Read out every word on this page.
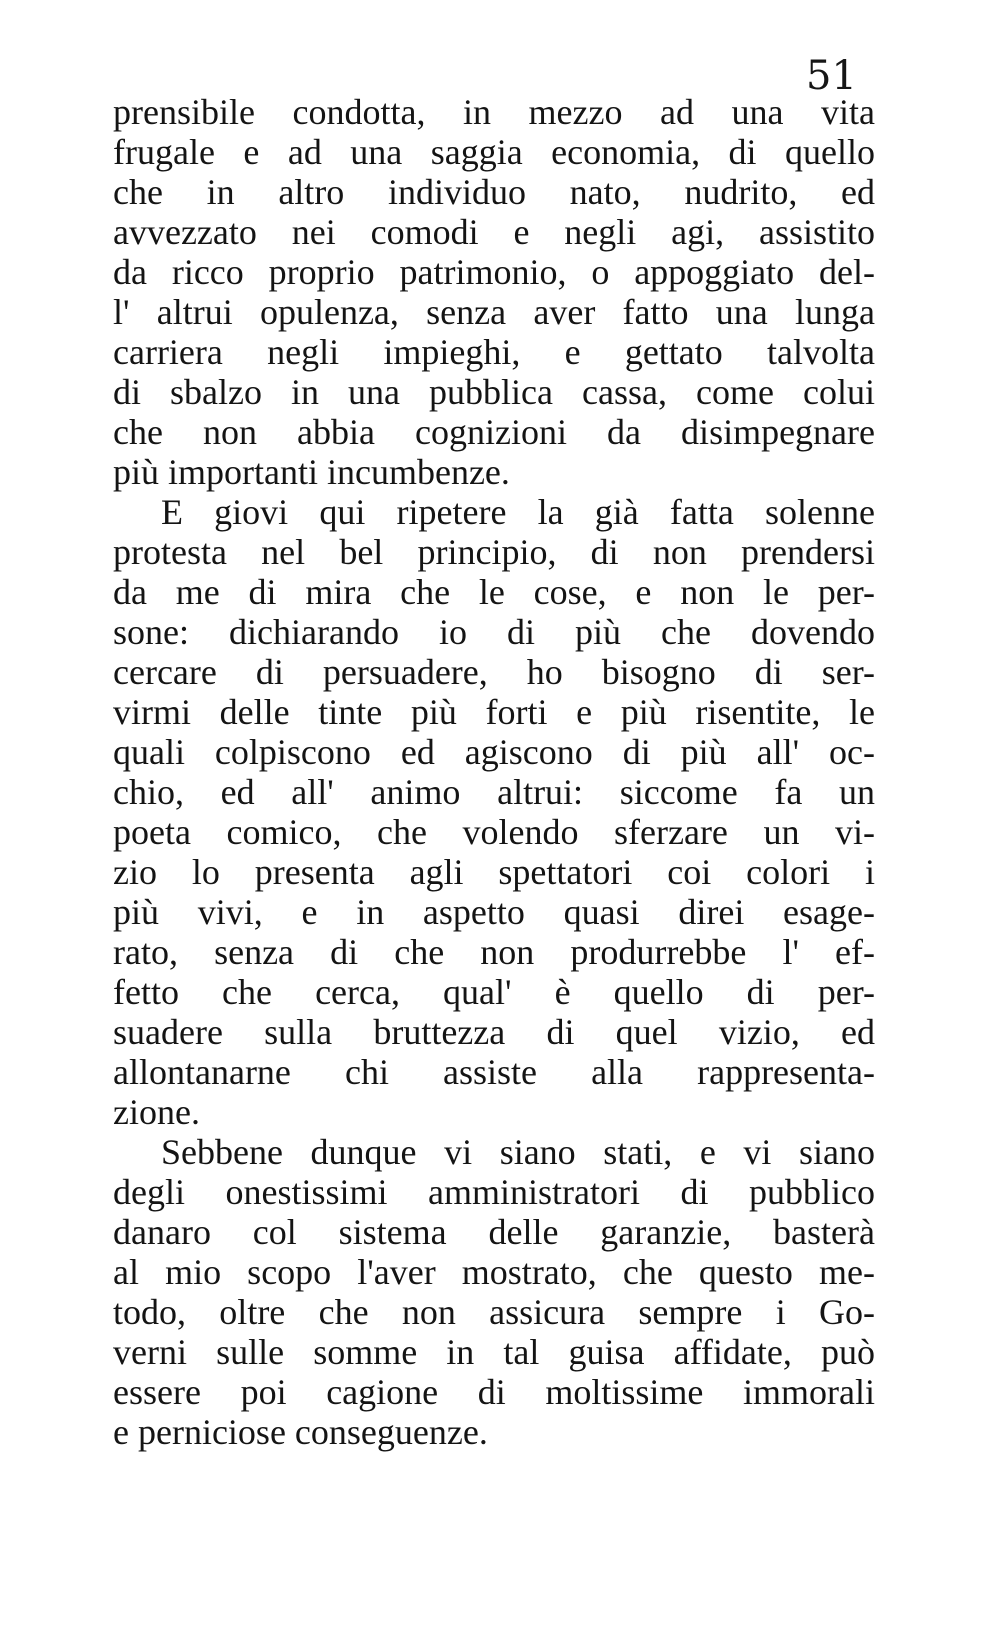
51
prensibile condotta, in mezzo ad una vita
frugale e ad una saggia economia, di quello
che in altro individuo nato, nudrito, ed
avvezzato nei comodi e negli agi, assistito
da ricco proprio patrimonio, o appoggiato del-
l' altrui opulenza, senza aver fatto una lunga
carriera negli impieghi, e gettato talvolta
di sbalzo in una pubblica cassa, come colui
che non abbia cognizioni da disimpegnare
più importanti incumbenze.
E giovi qui ripetere la già fatta solenne
protesta nel bel principio, di non prendersi
da me di mira che le cose, e non le per-
sone: dichiarando io di più che dovendo
cercare di persuadere, ho bisogno di ser-
virmi delle tinte più forti e più risentite, le
quali colpiscono ed agiscono di più all' oc-
chio, ed all' animo altrui: siccome fa un
poeta comico, che volendo sferzare un vi-
zio lo presenta agli spettatori coi colori i
più vivi, e in aspetto quasi direi esage-
rato, senza di che non produrrebbe l' ef-
fetto che cerca, qual' è quello di per-
suadere sulla bruttezza di quel vizio, ed
allontanarne chi assiste alla rappresenta-
zione.
Sebbene dunque vi siano stati, e vi siano
degli onestissimi amministratori di pubblico
danaro col sistema delle garanzie, basterà
al mio scopo l'aver mostrato, che questo me-
todo, oltre che non assicura sempre i Go-
verni sulle somme in tal guisa affidate, può
essere poi cagione di moltissime immorali
e perniciose conseguenze.
